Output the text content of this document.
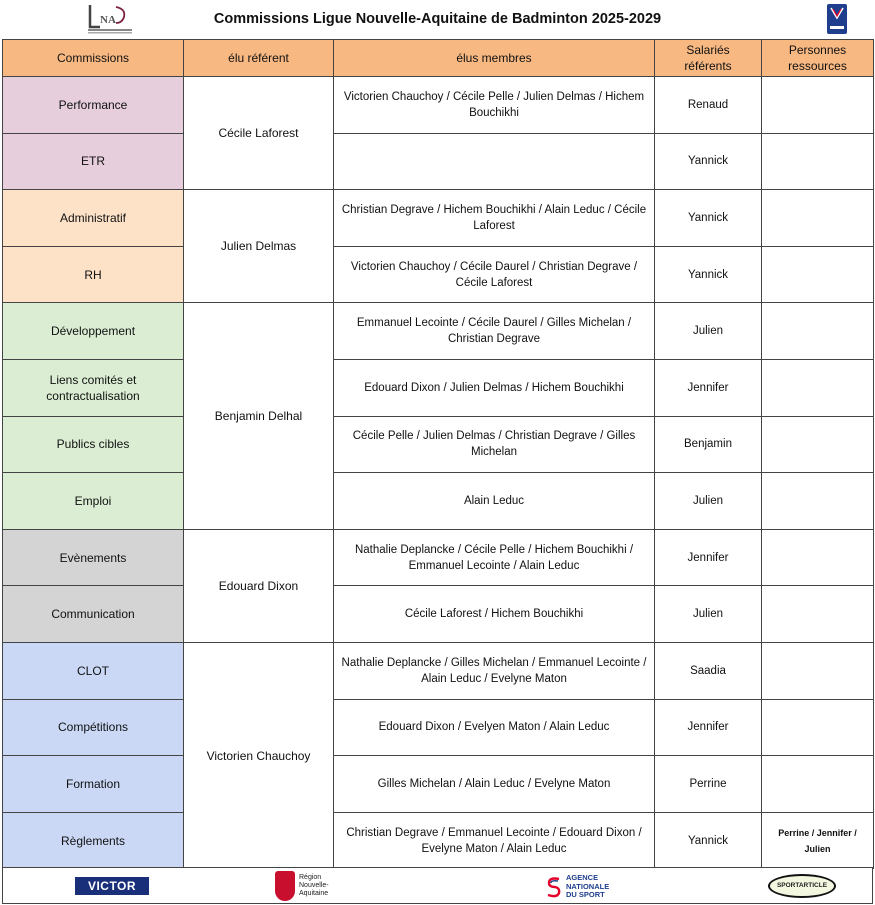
NA	Commissions Ligue Nouvelle-Aquitaine de Badminton 2025-2029
Commissions	élu référent	élus membres	Salariés référents	Personnes ressources
Performance	Cécile Laforest	Victorien Chauchoy / Cécile Pelle / Julien Delmas / Hichem Bouchikhi	Renaud	
ETR			Yannick	
Administratif	Julien Delmas	Christian Degrave / Hichem Bouchikhi / Alain Leduc / Cécile Laforest	Yannick	
RH		Victorien Chauchoy / Cécile Daurel / Christian Degrave / Cécile Laforest	Yannick	
Développement	Benjamin Delhal	Emmanuel Lecointe / Cécile Daurel / Gilles Michelan / Christian Degrave	Julien	
Liens comités et contractualisation		Edouard Dixon / Julien Delmas / Hichem Bouchikhi	Jennifer	
Publics cibles		Cécile Pelle / Julien Delmas / Christian Degrave / Gilles Michelan	Benjamin	
Emploi		Alain Leduc	Julien	
Evènements	Edouard Dixon	Nathalie Deplancke / Cécile Pelle / Hichem Bouchikhi / Emmanuel Lecointe / Alain Leduc	Jennifer	
Communication		Cécile Laforest / Hichem Bouchikhi	Julien	
CLOT	Victorien Chauchoy	Nathalie Deplancke / Gilles Michelan / Emmanuel Lecointe / Alain Leduc / Evelyne Maton	Saadia	
Compétitions		Edouard Dixon / Evelyen Maton / Alain Leduc	Jennifer	
Formation		Gilles Michelan / Alain Leduc / Evelyne Maton	Perrine	
Règlements		Christian Degrave / Emmanuel Lecointe / Edouard Dixon / Evelyne Maton / Alain Leduc	Yannick	Perrine / Jennifer / Julien
VICTOR
Région
Nouvelle-
Aquitaine
AGENCE
NATIONALE
DU SPORT
SPORTARTICLE
